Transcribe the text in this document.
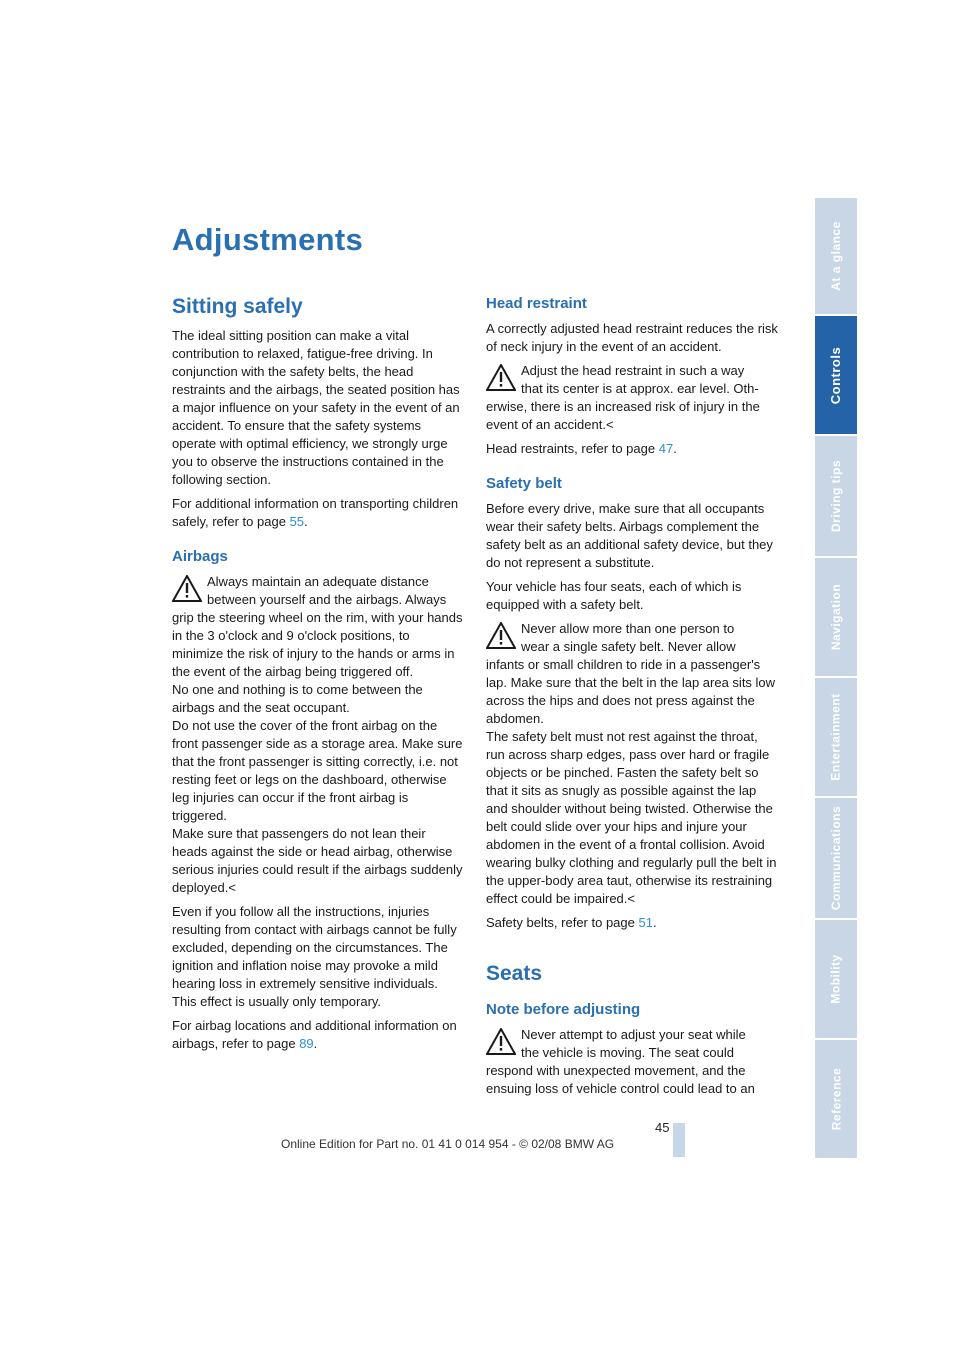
Adjustments
Sitting safely

The ideal sitting position can make a vital contribution to relaxed, fatigue-free driving. In conjunction with the safety belts, the head restraints and the airbags, the seated position has a major influence on your safety in the event of an accident. To ensure that the safety systems operate with optimal efficiency, we strongly urge you to observe the instructions contained in the following section.

For additional information on transporting children safely, refer to page 55.

Airbags

Always maintain an adequate distance

between yourself and the airbags. Always

grip the steering wheel on the rim, with your hands in the 3 o'clock and 9 o'clock positions, to minimize the risk of injury to the hands or arms in the event of the airbag being triggered off.

No one and nothing is to come between the airbags and the seat occupant.

Do not use the cover of the front airbag on the front passenger side as a storage area. Make sure that the front passenger is sitting correctly, i.e. not resting feet or legs on the dashboard, otherwise leg injuries can occur if the front airbag is triggered.

Make sure that passengers do not lean their heads against the side or head airbag, otherwise serious injuries could result if the airbags suddenly deployed.<

Even if you follow all the instructions, injuries resulting from contact with airbags cannot be fully excluded, depending on the circumstances. The ignition and inflation noise may provoke a mild hearing loss in extremely sensitive individuals. This effect is usually only temporary.

For airbag locations and additional information on airbags, refer to page 89.

Head restraint

A correctly adjusted head restraint reduces the risk of neck injury in the event of an accident.

Adjust the head restraint in such a way

that its center is at approx. ear level. Oth-

erwise, there is an increased risk of injury in the event of an accident.<

Head restraints, refer to page 47.

Safety belt

Before every drive, make sure that all occupants wear their safety belts. Airbags complement the safety belt as an additional safety device, but they do not represent a substitute.

Your vehicle has four seats, each of which is equipped with a safety belt.

Never allow more than one person to

wear a single safety belt. Never allow

infants or small children to ride in a passenger's lap. Make sure that the belt in the lap area sits low across the hips and does not press against the abdomen.

The safety belt must not rest against the throat, run across sharp edges, pass over hard or fragile objects or be pinched. Fasten the safety belt so that it sits as snugly as possible against the lap and shoulder without being twisted. Otherwise the belt could slide over your hips and injure your abdomen in the event of a frontal collision. Avoid wearing bulky clothing and regularly pull the belt in the upper-body area taut, otherwise its restraining effect could be impaired.<

Safety belts, refer to page 51.

Seats
Note before adjusting

Never attempt to adjust your seat while

the vehicle is moving. The seat could

respond with unexpected movement, and the ensuing loss of vehicle control could lead to an

At a glance
Controls
Driving tips
Navigation
Entertainment
Communications
Mobility
Reference
45
Online Edition for Part no. 01 41 0 014 954 - © 02/08 BMW AG
